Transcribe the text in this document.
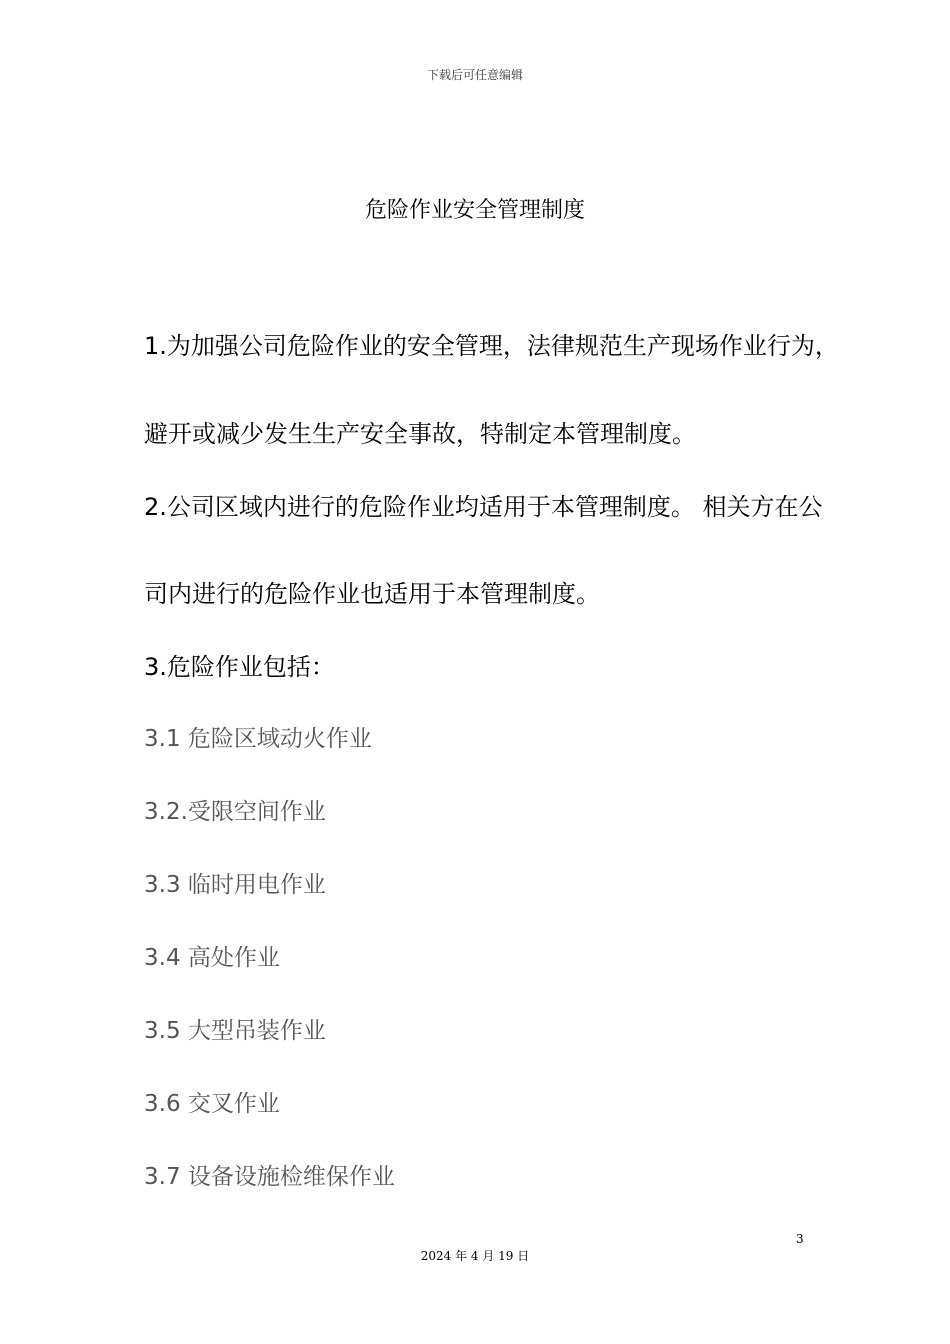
下载后可任意编辑
危险作业安全管理制度
1.为加强公司危险作业的安全管理，法律规范生产现场作业行为，
避开或减少发生生产安全事故，特制定本管理制度。
2.公司区域内进行的危险作业均适用于本管理制度。 相关方在公
司内进行的危险作业也适用于本管理制度。
3.危险作业包括：
3.1 危险区域动火作业
3.2.受限空间作业
3.3 临时用电作业
3.4 高处作业
3.5 大型吊装作业
3.6 交叉作业
3.7 设备设施检维保作业
3
2024 年 4 月 19 日
